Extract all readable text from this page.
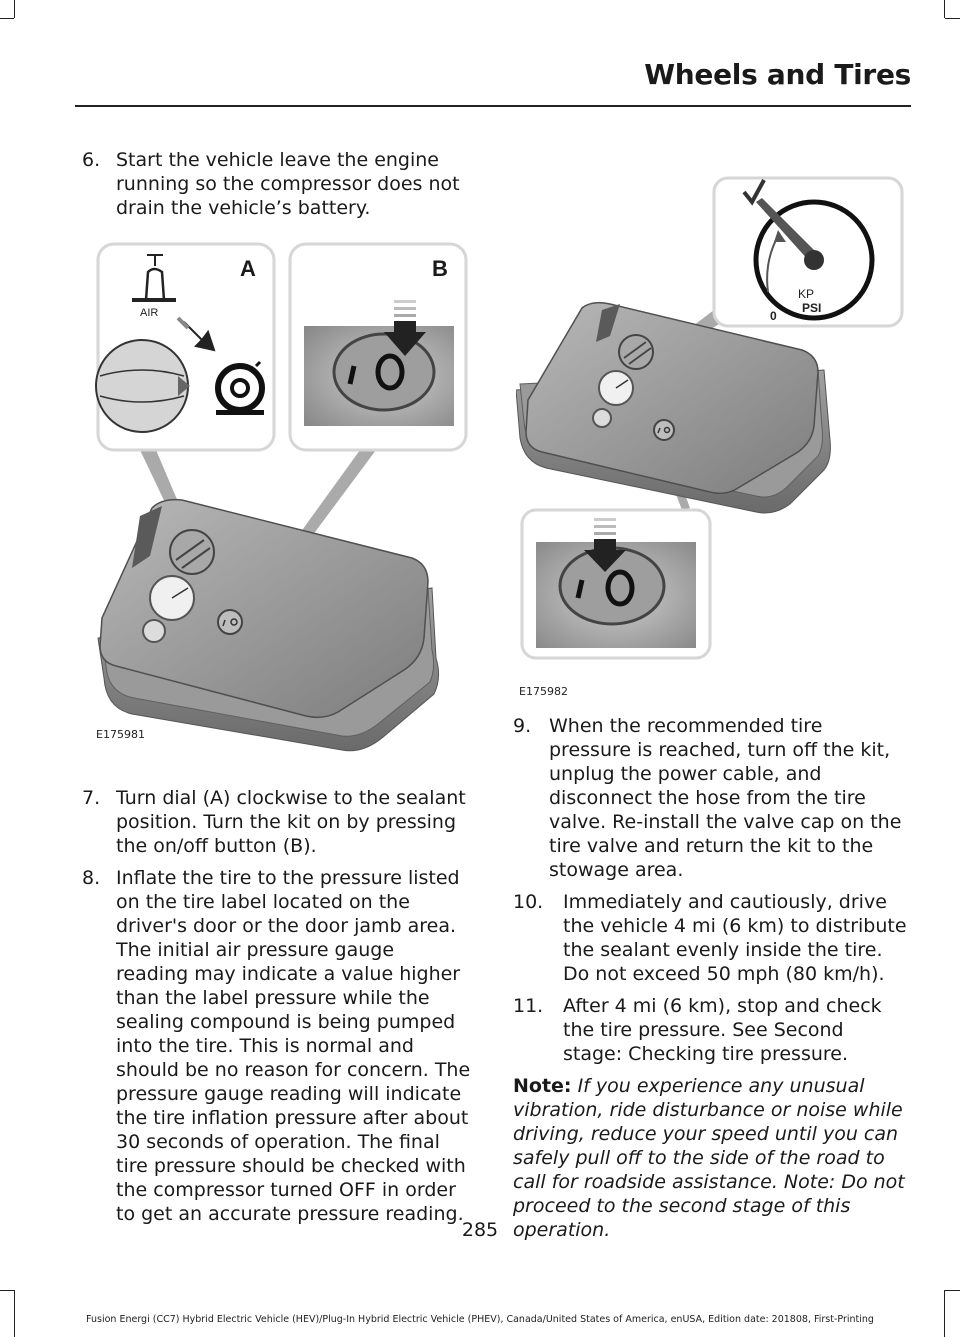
Wheels and Tires
6. Start the vehicle leave the engine running so the compressor does not drain the vehicle’s battery.
A
AIR
B
E175981
7. Turn dial (A) clockwise to the sealant position. Turn the kit on by pressing the on/off button (B).
8. Inflate the tire to the pressure listed on the tire label located on the driver's door or the door jamb area. The initial air pressure gauge reading may indicate a value higher than the label pressure while the sealing compound is being pumped into the tire. This is normal and should be no reason for concern. The pressure gauge reading will indicate the tire inflation pressure after about 30 seconds of operation. The final tire pressure should be checked with the compressor turned OFF in order to get an accurate pressure reading.
KP
PSI
0
E175982
9. When the recommended tire pressure is reached, turn off the kit, unplug the power cable, and disconnect the hose from the tire valve. Re-install the valve cap on the tire valve and return the kit to the stowage area.
10.	Immediately and cautiously, drive the vehicle 4 mi (6 km) to distribute the sealant evenly inside the tire. Do not exceed 50 mph (80 km/h).
11.	After 4 mi (6 km), stop and check the tire pressure. See Second stage: Checking tire pressure.
Note: If you experience any unusual vibration, ride disturbance or noise while driving, reduce your speed until you can safely pull off to the side of the road to call for roadside assistance. Note: Do not proceed to the second stage of this operation.
285
Fusion Energi (CC7) Hybrid Electric Vehicle (HEV)/Plug-In Hybrid Electric Vehicle (PHEV), Canada/United States of America, enUSA, Edition date: 201808, First-Printing
